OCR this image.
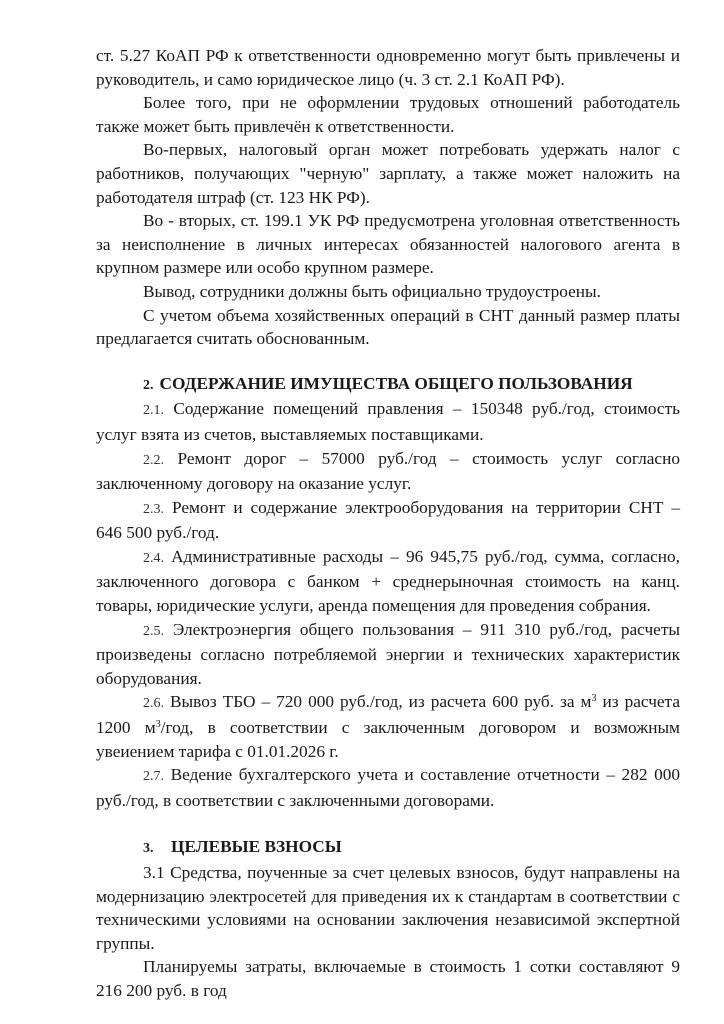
ст. 5.27 КоАП РФ к ответственности одновременно могут быть привлечены и руководитель, и само юридическое лицо (ч. 3 ст. 2.1 КоАП РФ).

Более того, при не оформлении трудовых отношений работодатель также может быть привлечён к ответственности.

Во-первых, налоговый орган может потребовать удержать налог с работников, получающих "черную" зарплату, а также может наложить на работодателя штраф (ст. 123 НК РФ).

Во - вторых, ст. 199.1 УК РФ предусмотрена уголовная ответственность за неисполнение в личных интересах обязанностей налогового агента в крупном размере или особо крупном размере.

Вывод, сотрудники должны быть официально трудоустроены.

С учетом объема хозяйственных операций в СНТ данный размер платы предлагается считать обоснованным.

2. СОДЕРЖАНИЕ ИМУЩЕСТВА ОБЩЕГО ПОЛЬЗОВАНИЯ

2.1. Содержание помещений правления – 150348 руб./год, стоимость услуг взята из счетов, выставляемых поставщиками.

2.2. Ремонт дорог – 57000 руб./год – стоимость услуг согласно заключенному договору на оказание услуг.

2.3. Ремонт и содержание электрооборудования на территории СНТ – 646 500 руб./год.

2.4. Административные расходы – 96 945,75 руб./год, сумма, согласно, заключенного договора с банком + среднерыночная стоимость на канц. товары, юридические услуги, аренда помещения для проведения собрания.

2.5. Электроэнергия общего пользования – 911 310 руб./год, расчеты произведены согласно потребляемой энергии и технических характеристик оборудования.

2.6. Вывоз ТБО – 720 000 руб./год, из расчета 600 руб. за $м^3$ из расчета 1200 $м^3$/год, в соответствии с заключенным договором и возможным увеиением тарифа с 01.01.2026 г.

2.7. Ведение бухгалтерского учета и составление отчетности – 282 000 руб./год, в соответствии с заключенными договорами.

3. ЦЕЛЕВЫЕ ВЗНОСЫ

3.1 Средства, поученные за счет целевых взносов, будут направлены на модернизацию электросетей для приведения их к стандартам в соответствии с техническими условиями на основании заключения независимой экспертной группы.

Планируемы затраты, включаемые в стоимость 1 сотки составляют 9 216 200 руб. в год
